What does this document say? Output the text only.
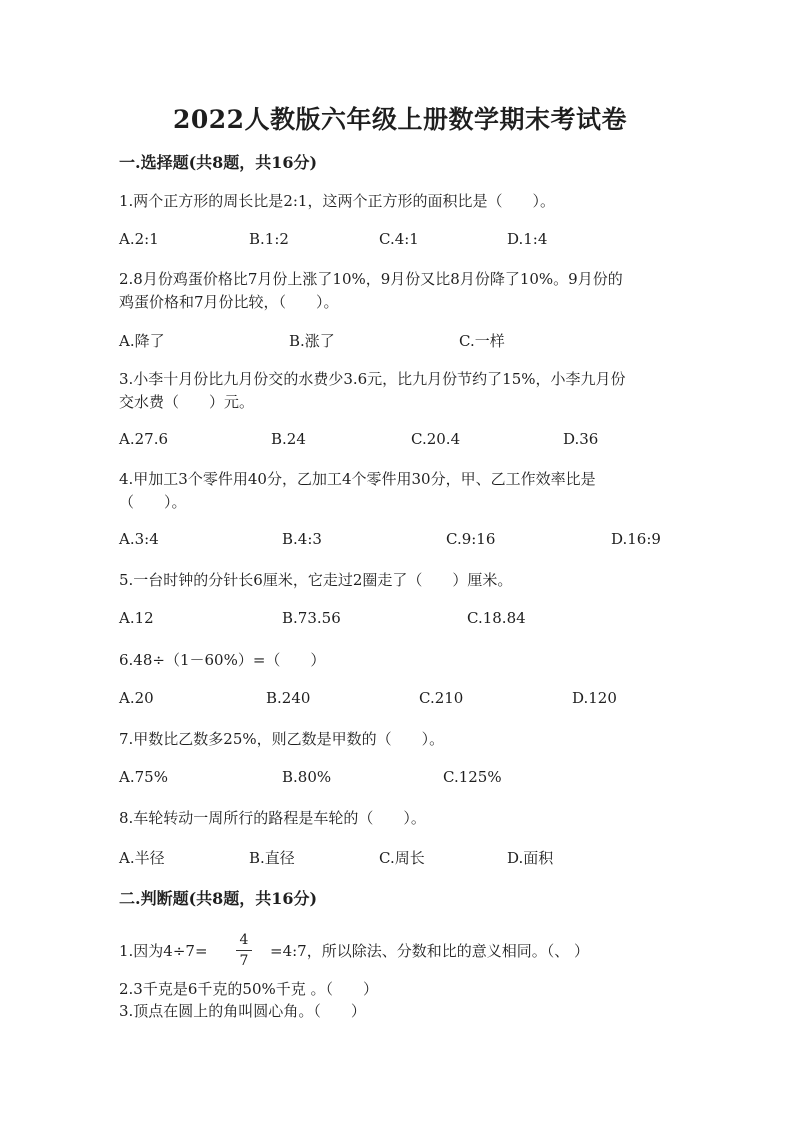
2022人教版六年级上册数学期末考试卷
一.选择题(共8题，共16分)
1.两个正方形的周长比是2:1，这两个正方形的面积比是（　　）。
A.2:1	B.1:2	C.4:1	D.1:4
2.8月份鸡蛋价格比7月份上涨了10%，9月份又比8月份降了10%。9月份的
鸡蛋价格和7月份比较，（　　）。
A.降了	B.涨了	C.一样
3.小李十月份比九月份交的水费少3.6元，比九月份节约了15%，小李九月份
交水费（　　）元。
A.27.6	B.24	C.20.4	D.36
4.甲加工3个零件用40分，乙加工4个零件用30分，甲、乙工作效率比是
（　　）。
A.3:4	B.4:3	C.9:16	D.16:9
5.一台时钟的分针长6厘米，它走过2圈走了（　　）厘米。
A.12	B.73.56	C.18.84
6.48÷（1－60%）=（　　）
A.20	B.240	C.210	D.120
7.甲数比乙数多25%，则乙数是甲数的（　　）。
A.75%	B.80%	C.125%
8.车轮转动一周所行的路程是车轮的（　　）。
A.半径	B.直径	C.周长	D.面积
二.判断题(共8题，共16分)
1.因为$4\div 7= \frac{4}{7}$ =4:7，所以除法、分数和比的意义相同。（、 ）
2.3千克是6千克的50%千克 。（　　）
3.顶点在圆上的角叫圆心角。（　　）
